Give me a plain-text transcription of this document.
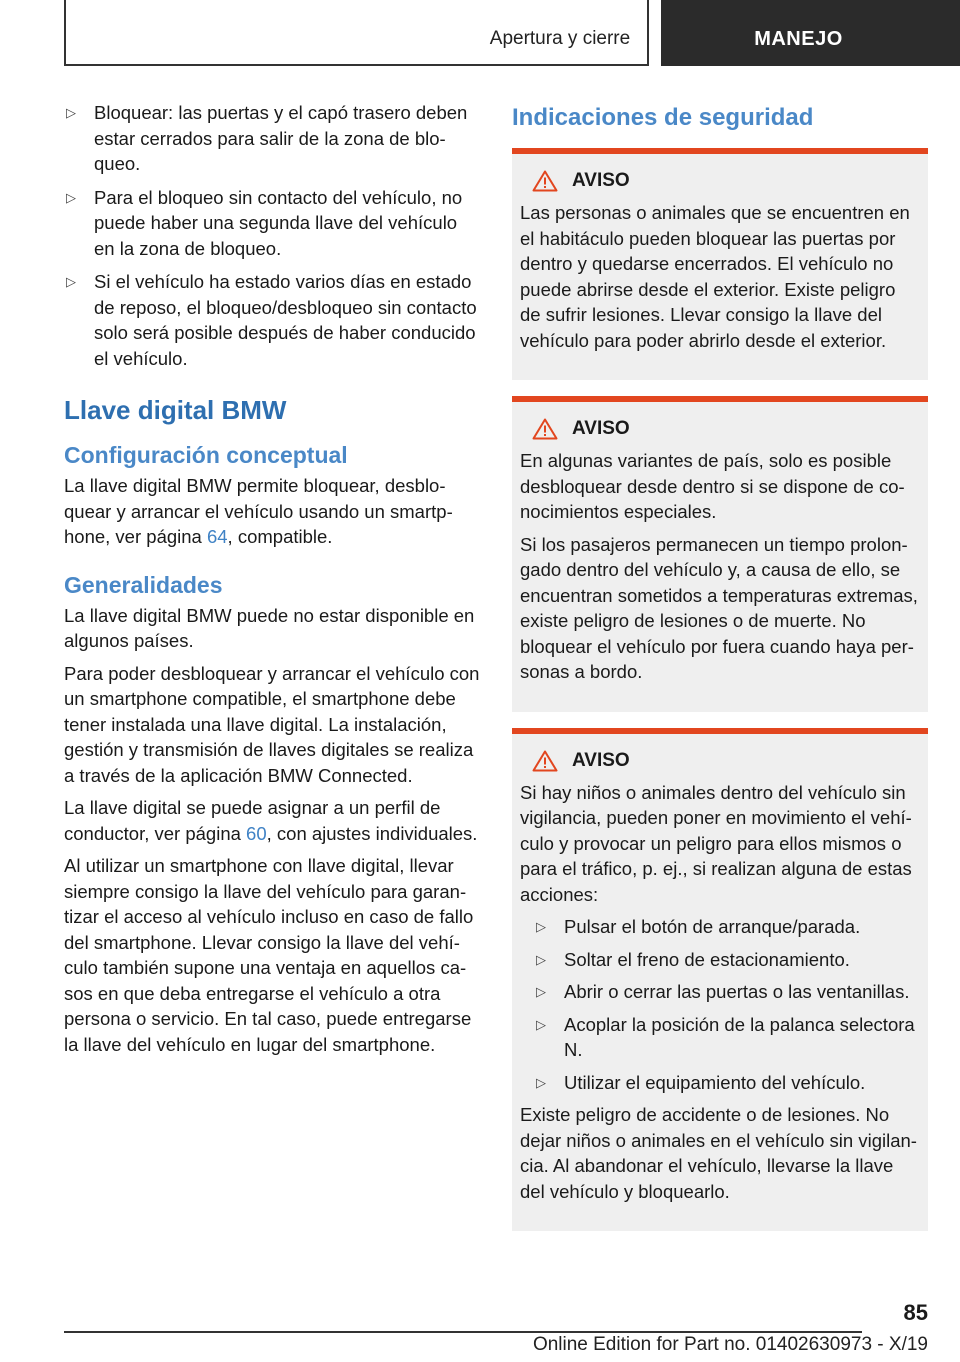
Apertura y cierre	MANEJO
▷ Bloquear: las puertas y el capó trasero deben estar cerrados para salir de la zona de bloqueo.
▷ Para el bloqueo sin contacto del vehículo, no puede haber una segunda llave del vehículo en la zona de bloqueo.
▷ Si el vehículo ha estado varios días en estado de reposo, el bloqueo/desbloqueo sin contacto solo será posible después de haber conducido el vehículo.
Llave digital BMW
Configuración conceptual

La llave digital BMW permite bloquear, desbloquear y arrancar el vehículo usando un smartphone, ver página 64, compatible.

Generalidades

La llave digital BMW puede no estar disponible en algunos países.

Para poder desbloquear y arrancar el vehículo con un smartphone compatible, el smartphone debe tener instalada una llave digital. La instalación, gestión y transmisión de llaves digitales se realiza a través de la aplicación BMW Connected.

La llave digital se puede asignar a un perfil de conductor, ver página 60, con ajustes individuales.

Al utilizar un smartphone con llave digital, llevar siempre consigo la llave del vehículo para garantizar el acceso al vehículo incluso en caso de fallo del smartphone. Llevar consigo la llave del vehículo también supone una ventaja en aquellos casos en que deba entregarse el vehículo a otra persona o servicio. En tal caso, puede entregarse la llave del vehículo en lugar del smartphone.

Indicaciones de seguridad
AVISO

Las personas o animales que se encuentren en el habitáculo pueden bloquear las puertas por dentro y quedarse encerrados. El vehículo no puede abrirse desde el exterior. Existe peligro de sufrir lesiones. Llevar consigo la llave del vehículo para poder abrirlo desde el exterior.

AVISO

En algunas variantes de país, solo es posible desbloquear desde dentro si se dispone de conocimientos especiales.

Si los pasajeros permanecen un tiempo prolongado dentro del vehículo y, a causa de ello, se encuentran sometidos a temperaturas extremas, existe peligro de lesiones o de muerte. No bloquear el vehículo por fuera cuando haya personas a bordo.

AVISO

Si hay niños o animales dentro del vehículo sin vigilancia, pueden poner en movimiento el vehículo y provocar un peligro para ellos mismos o para el tráfico, p. ej., si realizan alguna de estas acciones:

▷ Pulsar el botón de arranque/parada.
▷ Soltar el freno de estacionamiento.
▷ Abrir o cerrar las puertas o las ventanillas.
▷ Acoplar la posición de la palanca selectora N.
▷ Utilizar el equipamiento del vehículo.

Existe peligro de accidente o de lesiones. No dejar niños o animales en el vehículo sin vigilancia. Al abandonar el vehículo, llevarse la llave del vehículo y bloquearlo.

85
Online Edition for Part no. 01402630973 - X/19
